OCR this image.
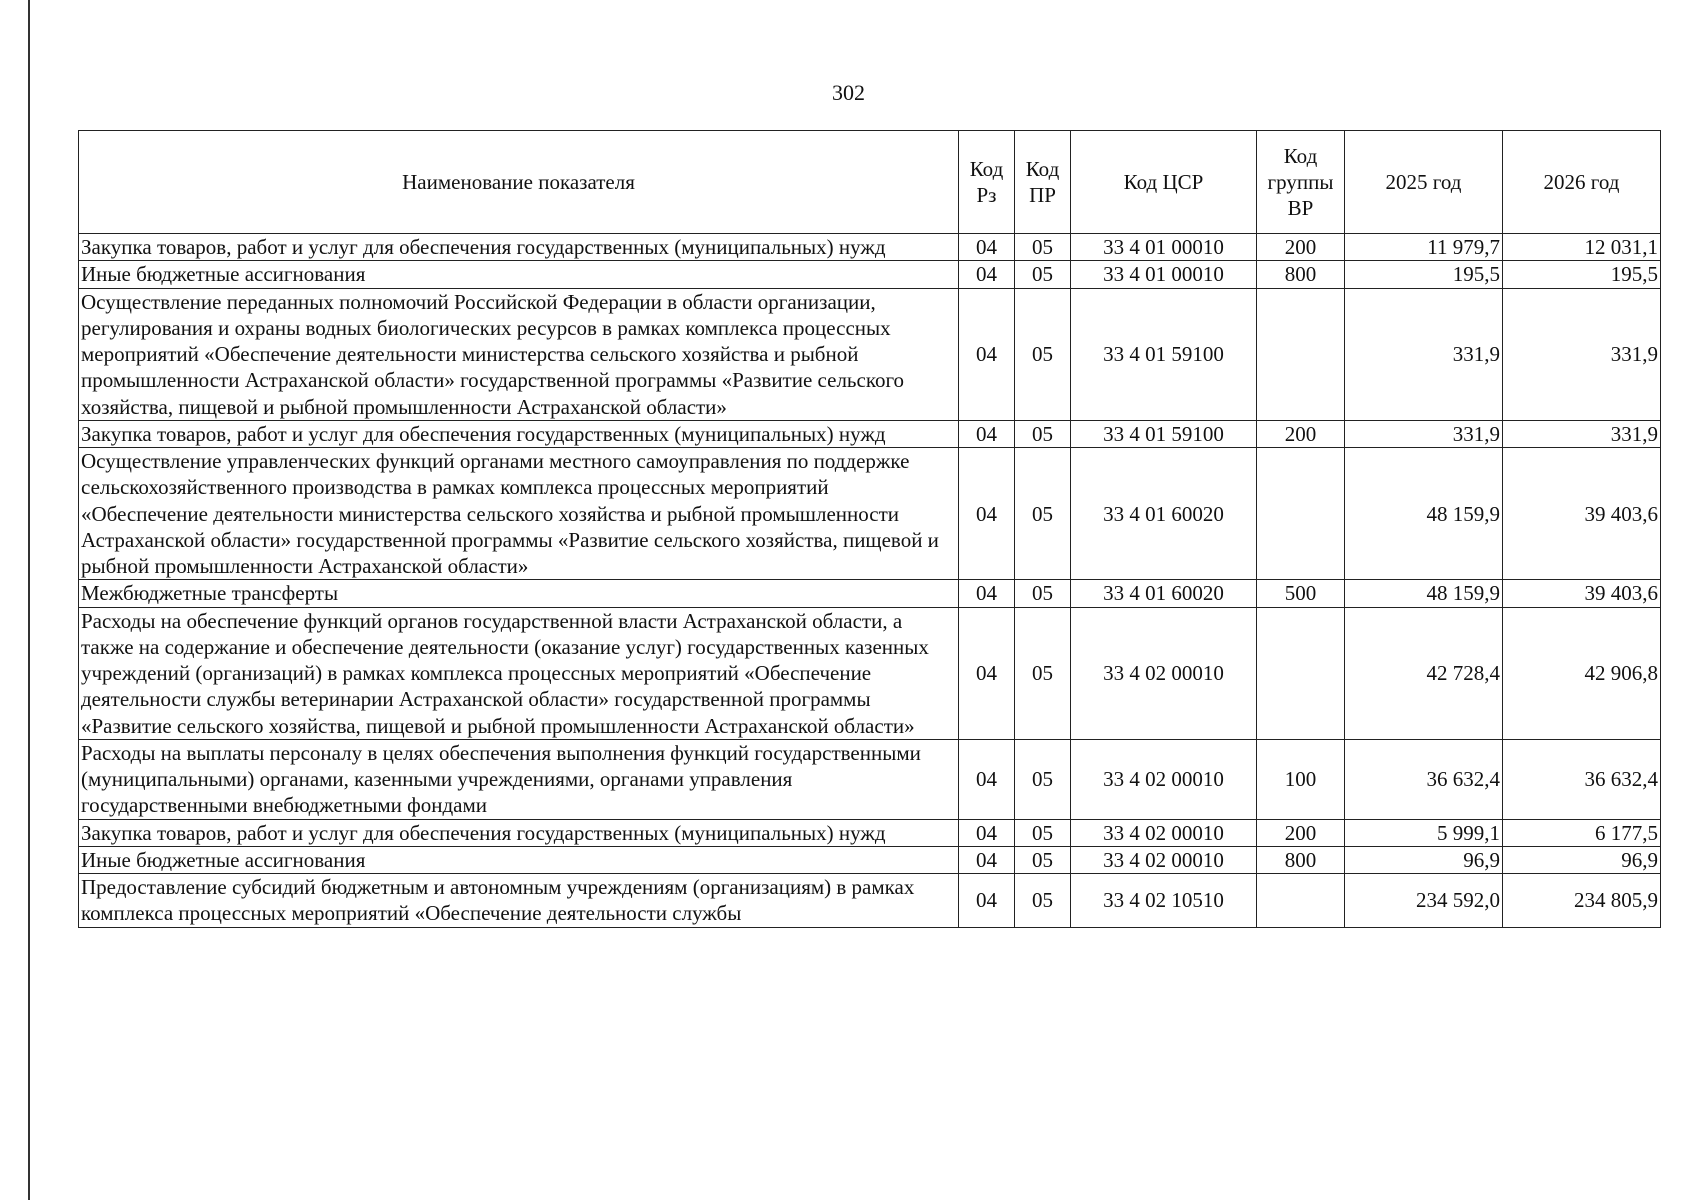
302
Наименование показателя	Код Рз	Код ПР	Код ЦСР	Код группы ВР	2025 год	2026 год
Закупка товаров, работ и услуг для обеспечения государственных (муниципальных) нужд	04	05	33 4 01 00010	200	11 979,7	12 031,1
Иные бюджетные ассигнования	04	05	33 4 01 00010	800	195,5	195,5
Осуществление переданных полномочий Российской Федерации в области организации, регулирования и охраны водных биологических ресурсов в рамках комплекса процессных мероприятий «Обеспечение деятельности министерства сельского хозяйства и рыбной промышленности Астраханской области» государственной программы «Развитие сельского хозяйства, пищевой и рыбной промышленности Астраханской области»	04	05	33 4 01 59100		331,9	331,9
Закупка товаров, работ и услуг для обеспечения государственных (муниципальных) нужд	04	05	33 4 01 59100	200	331,9	331,9
Осуществление управленческих функций органами местного самоуправления по поддержке сельскохозяйственного производства в рамках комплекса процессных мероприятий «Обеспечение деятельности министерства сельского хозяйства и рыбной промышленности Астраханской области» государственной программы «Развитие сельского хозяйства, пищевой и рыбной промышленности Астраханской области»	04	05	33 4 01 60020		48 159,9	39 403,6
Межбюджетные трансферты	04	05	33 4 01 60020	500	48 159,9	39 403,6
Расходы на обеспечение функций органов государственной власти Астраханской области, а также на содержание и обеспечение деятельности (оказание услуг) государственных казенных учреждений (организаций) в рамках комплекса процессных мероприятий «Обеспечение деятельности службы ветеринарии Астраханской области» государственной программы «Развитие сельского хозяйства, пищевой и рыбной промышленности Астраханской области»	04	05	33 4 02 00010		42 728,4	42 906,8
Расходы на выплаты персоналу в целях обеспечения выполнения функций государственными (муниципальными) органами, казенными учреждениями, органами управления государственными внебюджетными фондами	04	05	33 4 02 00010	100	36 632,4	36 632,4
Закупка товаров, работ и услуг для обеспечения государственных (муниципальных) нужд	04	05	33 4 02 00010	200	5 999,1	6 177,5
Иные бюджетные ассигнования	04	05	33 4 02 00010	800	96,9	96,9
Предоставление субсидий бюджетным и автономным учреждениям (организациям) в рамках комплекса процессных мероприятий «Обеспечение деятельности службы	04	05	33 4 02 10510		234 592,0	234 805,9
